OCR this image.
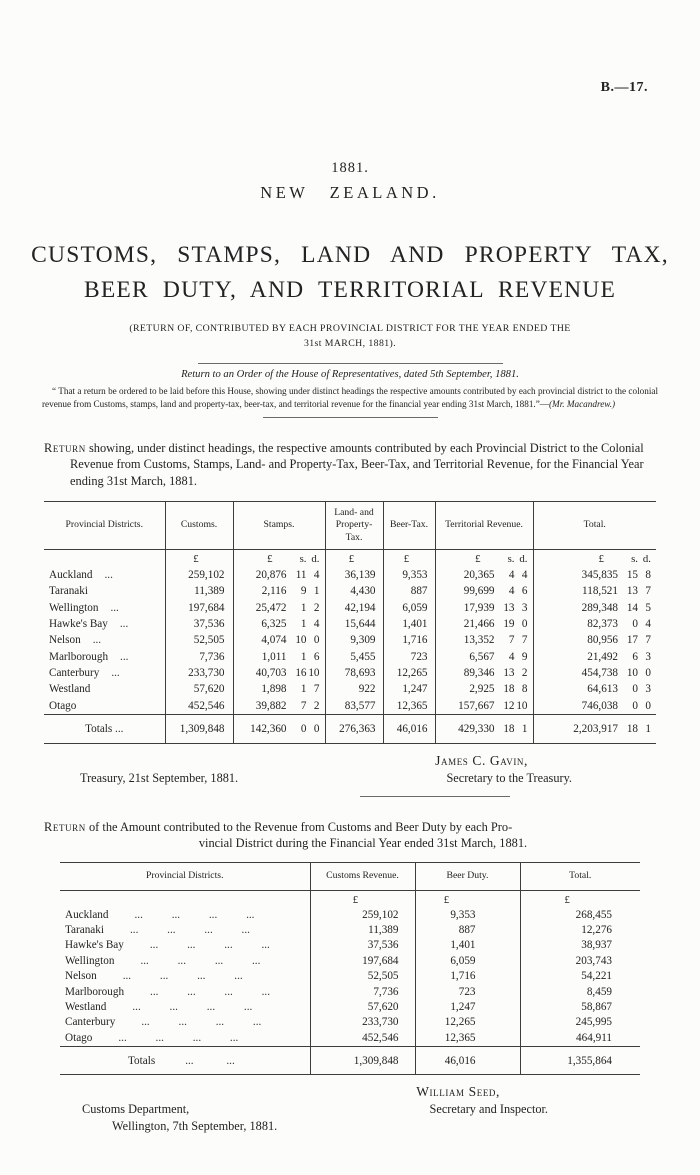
B.—17.
1881.
NEW ZEALAND.
CUSTOMS, STAMPS, LAND AND PROPERTY TAX,
BEER DUTY, AND TERRITORIAL REVENUE
(RETURN OF, CONTRIBUTED BY EACH PROVINCIAL DISTRICT FOR THE YEAR ENDED THE
31st MARCH, 1881).
Return to an Order of the House of Representatives, dated 5th September, 1881.

“ That a return be ordered to be laid before this House, showing under distinct headings the respective amounts contributed by each provincial district to the colonial revenue from Customs, stamps, land and property-tax, beer-tax, and territorial revenue for the financial year ending 31st March, 1881.”—(Mr. Macandrew.)

Return showing, under distinct headings, the respective amounts contributed by each Provincial District to the Colonial Revenue from Customs, Stamps, Land- and Property-Tax, Beer-Tax, and Territorial Revenue, for the Financial Year ending 31st March, 1881.

Provincial Districts.	Customs.	Stamps.	Land- and Property-Tax.	Beer-Tax.	Territorial Revenue.	Total.
	£	£ s. d.	£	£	£ s. d.	£ s. d.
Auckland ...	259,102	20,876 11 4	36,139	9,353	20,365 4 4	345,835 15 8
Taranaki	11,389	2,116 9 1	4,430	887	99,699 4 6	118,521 13 7
Wellington ...	197,684	25,472 1 2	42,194	6,059	17,939 13 3	289,348 14 5
Hawke's Bay ...	37,536	6,325 1 4	15,644	1,401	21,466 19 0	82,373 0 4
Nelson ...	52,505	4,074 10 0	9,309	1,716	13,352 7 7	80,956 17 7
Marlborough ...	7,736	1,011 1 6	5,455	723	6,567 4 9	21,492 6 3
Canterbury ...	233,730	40,703 16 10	78,693	12,265	89,346 13 2	454,738 10 0
Westland	57,620	1,898 1 7	922	1,247	2,925 18 8	64,613 0 3
Otago	452,546	39,882 7 2	83,577	12,365	157,667 12 10	746,038 0 0
Totals ...	1,309,848	142,360 0 0	276,363	46,016	429,330 18 1	2,203,917 18 1
James C. Gavin,
Treasury, 21st September, 1881.	Secretary to the Treasury.

Return of the Amount contributed to the Revenue from Customs and Beer Duty by each Pro-
vincial District during the Financial Year ended 31st March, 1881.

Provincial Districts.	Customs Revenue.	Beer Duty.	Total.
	£	£	£
Auckland ... ... ... ...	259,102	9,353	268,455
Taranaki ... ... ... ...	11,389	887	12,276
Hawke's Bay ... ... ... ...	37,536	1,401	38,937
Wellington ... ... ... ...	197,684	6,059	203,743
Nelson ... ... ... ...	52,505	1,716	54,221
Marlborough ... ... ... ...	7,736	723	8,459
Westland ... ... ... ...	57,620	1,247	58,867
Canterbury ... ... ... ...	233,730	12,265	245,995
Otago ... ... ... ...	452,546	12,365	464,911
Totals ... ...	1,309,848	46,016	1,355,864
William Seed,
Customs Department,	Secretary and Inspector.
Wellington, 7th September, 1881.
